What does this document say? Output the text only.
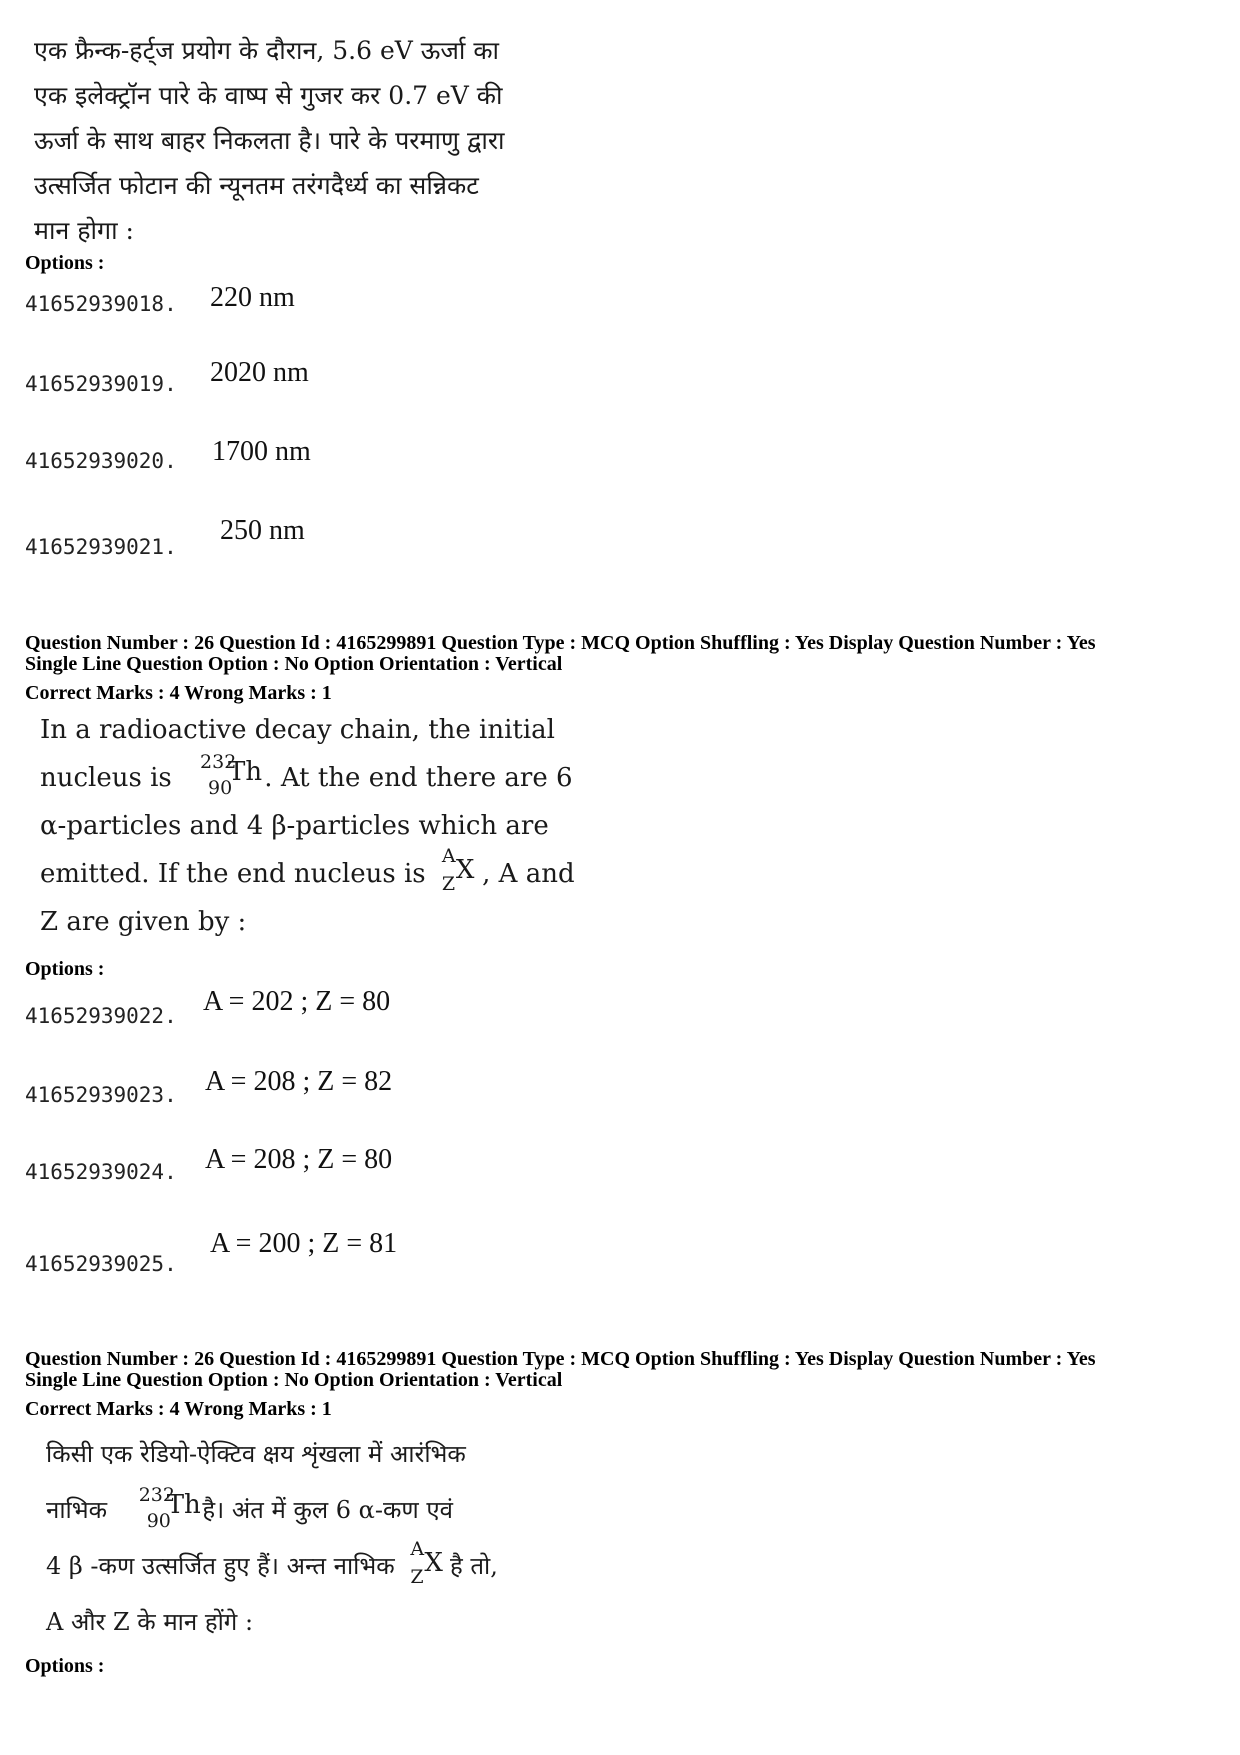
एक फ्रैन्क-हर्ट्ज प्रयोग के दौरान, 5.6 eV ऊर्जा का

एक इलेक्ट्रॉन पारे के वाष्प से गुजर कर 0.7 eV की

ऊर्जा के साथ बाहर निकलता है। पारे के परमाणु द्वारा

उत्सर्जित फोटान की न्यूनतम तरंगदैर्ध्य का सन्निकट

मान होगा :

Options :
41652939018. 220 nm
41652939019. 2020 nm
41652939020. 1700 nm
41652939021.
250 nm
Question Number : 26 Question Id : 4165299891 Question Type : MCQ Option Shuffling : Yes Display Question Number : Yes
Single Line Question Option : No Option Orientation : Vertical
Correct Marks : 4 Wrong Marks : 1

In a radioactive decay chain, the initial

nucleus is
232
90
Th . At the end there are 6

α-particles and 4 β-particles which are

emitted. If the end nucleus is
A
Z X , A and

Z are given by :

Options :
41652939022. A = 202 ; Z = 80
41652939023. A = 208 ; Z = 82
41652939024. A = 208 ; Z = 80
41652939025.
A = 200 ; Z = 81
Question Number : 26 Question Id : 4165299891 Question Type : MCQ Option Shuffling : Yes Display Question Number : Yes
Single Line Question Option : No Option Orientation : Vertical
Correct Marks : 4 Wrong Marks : 1

किसी एक रेडियो-ऐक्टिव क्षय शृंखला में आरंभिक

नाभिक
232
90
Th है। अंत में कुल 6 α-कण एवं

4 β -कण उत्सर्जित हुए हैं। अन्त नाभिक
A
Z X है तो,

A और Z के मान होंगे :

Options :
